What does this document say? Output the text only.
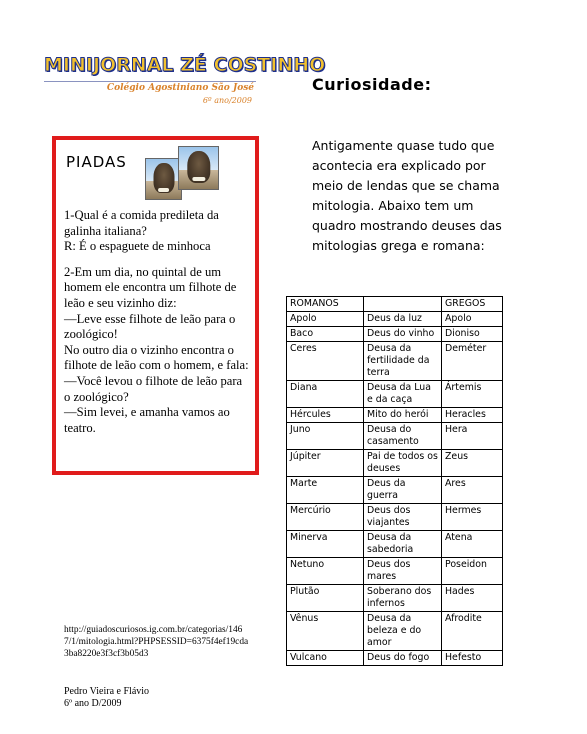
MINIJORNAL ZÉ COSTINHO
Colégio Agostiniano São José
6º ano/2009
Curiosidade:
PIADAS

1-Qual é a comida predileta da galinha italiana?
R: É o espaguete de minhoca

2-Em um dia, no quintal de um homem ele encontra um filhote de leão e seu vizinho diz:
—Leve esse filhote de leão para o zoológico!
No outro dia o vizinho encontra o filhote de leão com o homem, e fala:
—Você levou o filhote de leão para o zoológico?
—Sim levei, e amanha vamos ao teatro.

Antigamente quase tudo que
acontecia era explicado por
meio de lendas que se chama
mitologia. Abaixo tem um
quadro mostrando deuses das
mitologias grega e romana:
ROMANOS		GREGOS
Apolo	Deus da luz	Apolo
Baco	Deus do vinho	Dioniso
Ceres	Deusa da fertilidade da terra	Deméter
Diana	Deusa da Lua e da caça	Ártemis
Hércules	Mito do herói	Heracles
Juno	Deusa do casamento	Hera
Júpiter	Pai de todos os deuses	Zeus
Marte	Deus da guerra	Ares
Mercúrio	Deus dos viajantes	Hermes
Minerva	Deusa da sabedoria	Atena
Netuno	Deus dos mares	Poseidon
Plutão	Soberano dos infernos	Hades
Vênus	Deusa da beleza e do amor	Afrodite
Vulcano	Deus do fogo	Hefesto
http://guiadoscuriosos.ig.com.br/categorias/1467/1/mitologia.html?PHPSESSID=6375f4ef19cda3ba8220e3f3cf3b05d3
Pedro Vieira e Flávio
6º ano D/2009
